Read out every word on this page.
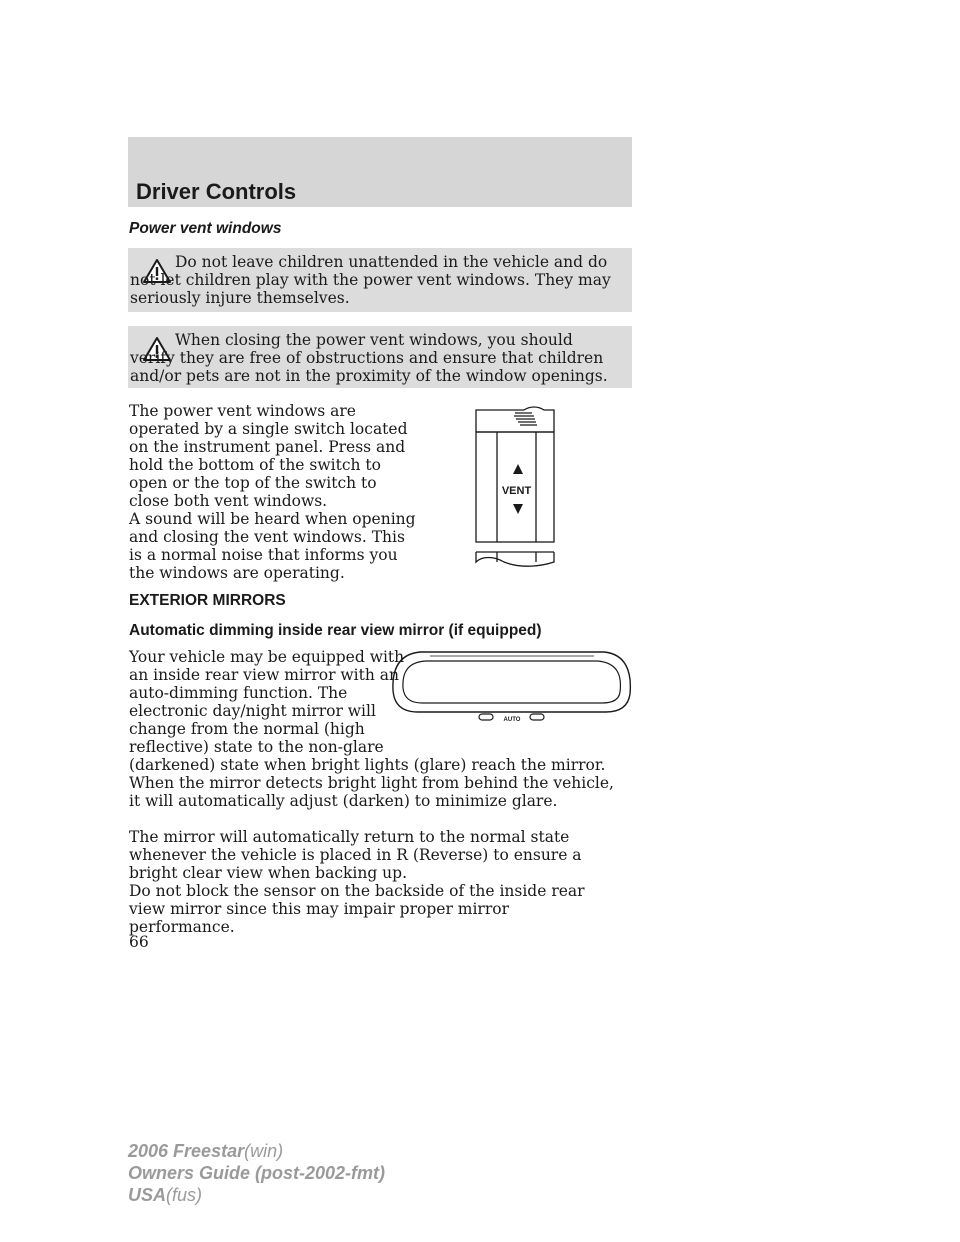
Driver Controls
Power vent windows
Do not leave children unattended in the vehicle and do not let children play with the power vent windows. They may seriously injure themselves.
When closing the power vent windows, you should verify they are free of obstructions and ensure that children and/or pets are not in the proximity of the window openings.
The power vent windows are
operated by a single switch located
on the instrument panel. Press and
hold the bottom of the switch to
open or the top of the switch to
close both vent windows.
A sound will be heard when opening
and closing the vent windows. This
is a normal noise that informs you
the windows are operating.
VENT
EXTERIOR MIRRORS
Automatic dimming inside rear view mirror (if equipped)
Your vehicle may be equipped with
an inside rear view mirror with an
auto-dimming function. The
electronic day/night mirror will
change from the normal (high
reflective) state to the non-glare
(darkened) state when bright lights (glare) reach the mirror. When the mirror detects bright light from behind the vehicle, it will automatically adjust (darken) to minimize glare.
AUTO
The mirror will automatically return to the normal state whenever the vehicle is placed in R (Reverse) to ensure a bright clear view when backing up.
Do not block the sensor on the backside of the inside rear view mirror since this may impair proper mirror performance.
66
2006 Freestar(win)
Owners Guide (post-2002-fmt)
USA(fus)
